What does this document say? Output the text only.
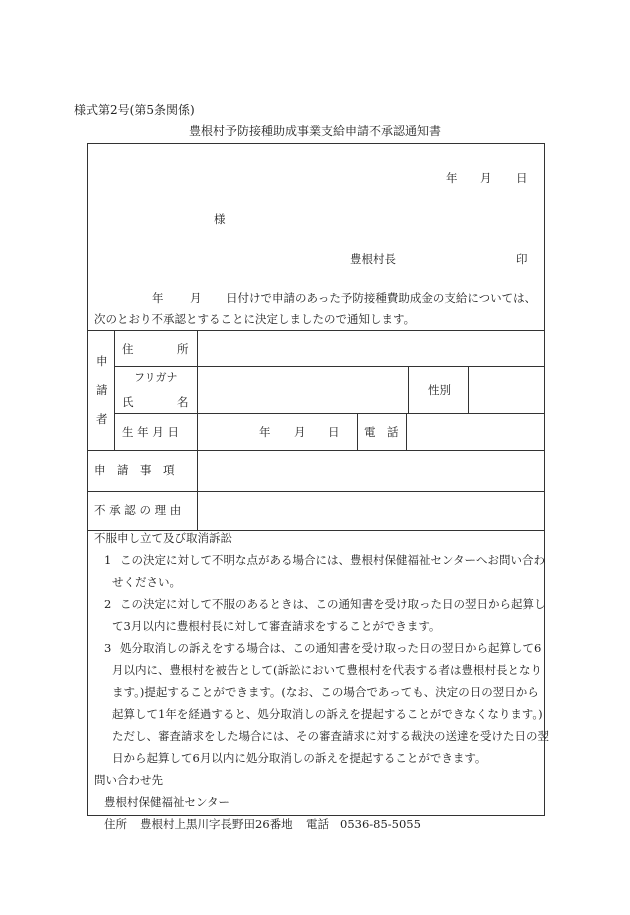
様式第2号(第5条関係)
豊根村予防接種助成事業支給申請不承認通知書
年 月 日
様
豊根村長	印
年 月 日付けで申請のあった予防接種費助成金の支給については、
次のとおり不承認とすることに決定しましたので通知します。
申
請
者
住	所
フリガナ
氏	名
性別
生 年 月 日	年 月 日 電　話
申　請　事　項
不 承 認 の 理 由
不服申し立て及び取消訴訟
1 この決定に対して不明な点がある場合には、豊根村保健福祉センターへお問い合わ
せください。
2 この決定に対して不服のあるときは、この通知書を受け取った日の翌日から起算し
て3月以内に豊根村長に対して審査請求をすることができます。
3 処分取消しの訴えをする場合は、この通知書を受け取った日の翌日から起算して6
月以内に、豊根村を被告として(訴訟において豊根村を代表する者は豊根村長となり
ます。)提起することができます。(なお、この場合であっても、決定の日の翌日から
起算して1年を経過すると、処分取消しの訴えを提起することができなくなります。)
ただし、審査請求をした場合には、その審査請求に対する裁決の送達を受けた日の翌
日から起算して6月以内に処分取消しの訴えを提起することができます。
問い合わせ先
豊根村保健福祉センター
住所 豊根村上黒川字長野田26番地 電話 0536-85-5055
